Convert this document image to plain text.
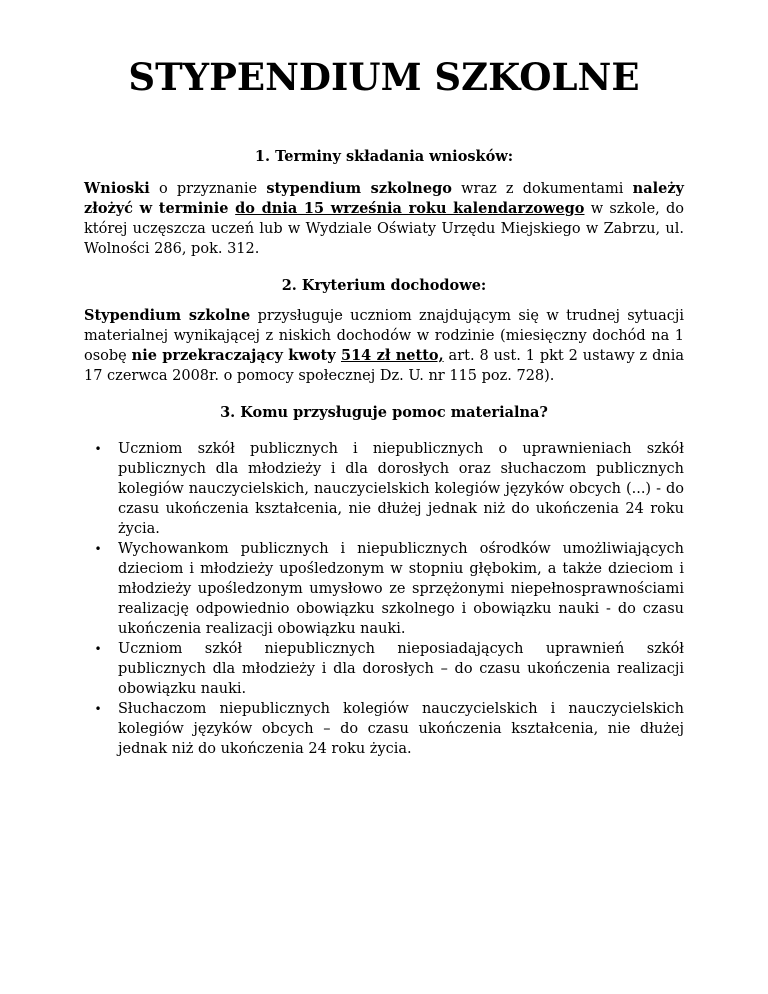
STYPENDIUM SZKOLNE
1. Terminy składania wniosków:
Wnioski o przyznanie stypendium szkolnego wraz z dokumentami należy złożyć w terminie do dnia 15 września roku kalendarzowego w szkole, do której uczęszcza uczeń lub w Wydziale Oświaty Urzędu Miejskiego w Zabrzu, ul. Wolności 286, pok. 312.
2. Kryterium dochodowe:
Stypendium szkolne przysługuje uczniom znajdującym się w trudnej sytuacji materialnej wynikającej z niskich dochodów w rodzinie (miesięczny dochód na 1 osobę nie przekraczający kwoty 514 zł netto, art. 8 ust. 1 pkt 2 ustawy z dnia 17 czerwca 2008r. o pomocy społecznej Dz. U. nr 115 poz. 728).
3. Komu przysługuje pomoc materialna?
•	Uczniom szkół publicznych i niepublicznych o uprawnieniach szkół publicznych dla młodzieży i dla dorosłych oraz słuchaczom publicznych kolegiów nauczycielskich, nauczycielskich kolegiów języków obcych (...) - do czasu ukończenia kształcenia, nie dłużej jednak niż do ukończenia 24 roku życia.
•	Wychowankom publicznych i niepublicznych ośrodków umożliwiających dzieciom i młodzieży upośledzonym w stopniu głębokim, a także dzieciom i młodzieży upośledzonym umysłowo ze sprzężonymi niepełnosprawnościami realizację odpowiednio obowiązku szkolnego i obowiązku nauki - do czasu ukończenia realizacji obowiązku nauki.
•	Uczniom szkół niepublicznych nieposiadających uprawnień szkół publicznych dla młodzieży i dla dorosłych – do czasu ukończenia realizacji obowiązku nauki.
•	Słuchaczom niepublicznych kolegiów nauczycielskich i nauczycielskich kolegiów języków obcych – do czasu ukończenia kształcenia, nie dłużej jednak niż do ukończenia 24 roku życia.
